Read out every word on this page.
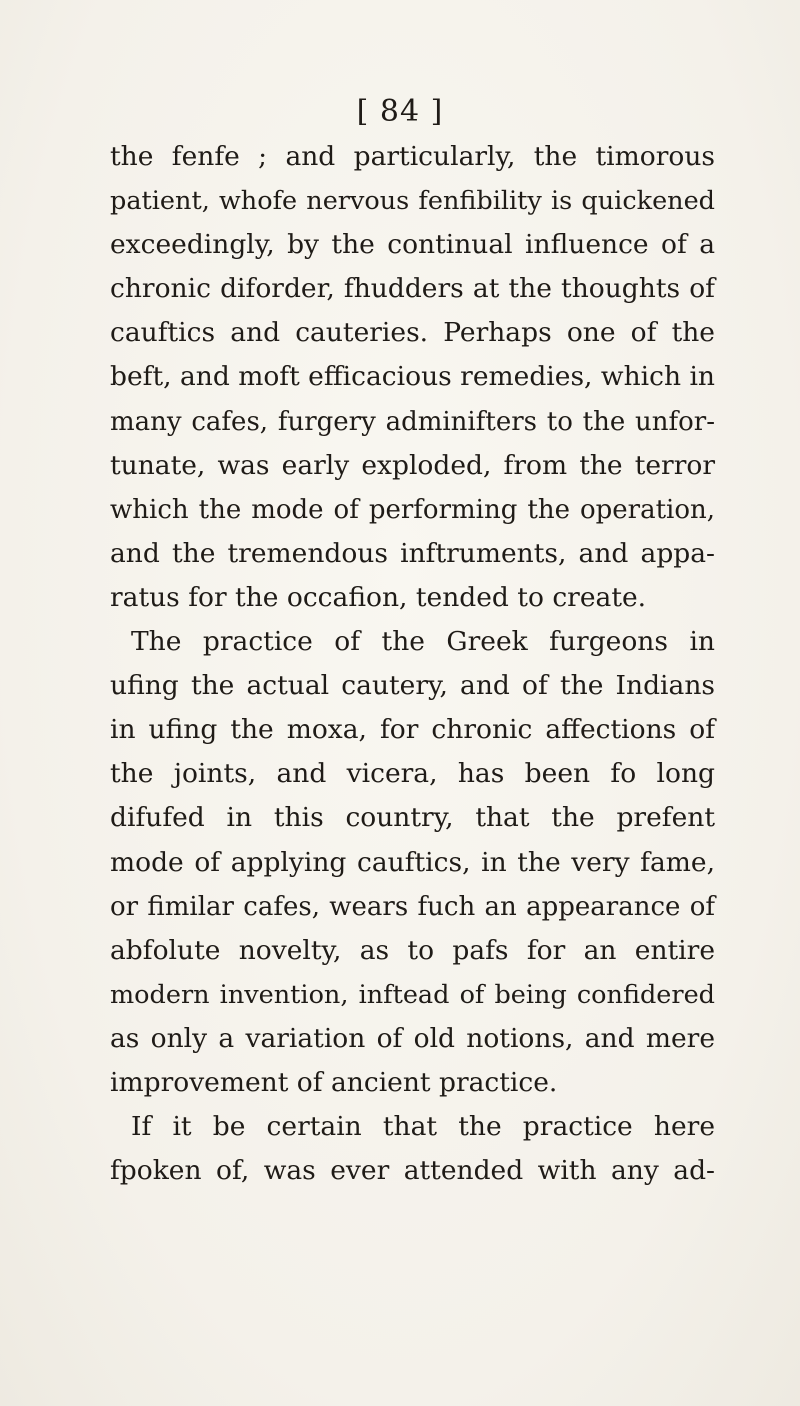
[ 84 ]
the fenfe ; and particularly, the timorous
patient, whofe nervous fenfibility is quickened
exceedingly, by the continual influence of a
chronic diforder, fhudders at the thoughts of
cauftics and cauteries. Perhaps one of the
beft, and moft efficacious remedies, which in
many cafes, furgery adminifters to the unfor-
tunate, was early exploded, from the terror
which the mode of performing the operation,
and the tremendous inftruments, and appa-
ratus for the occafion, tended to create.
The practice of the Greek furgeons in
ufing the actual cautery, and of the Indians
in ufing the moxa, for chronic affections of
the joints, and vicera, has been fo long
difufed in this country, that the prefent
mode of applying cauftics, in the very fame,
or fimilar cafes, wears fuch an appearance of
abfolute novelty, as to pafs for an entire
modern invention, inftead of being confidered
as only a variation of old notions, and mere
improvement of ancient practice.
If it be certain that the practice here
fpoken of, was ever attended with any ad-
